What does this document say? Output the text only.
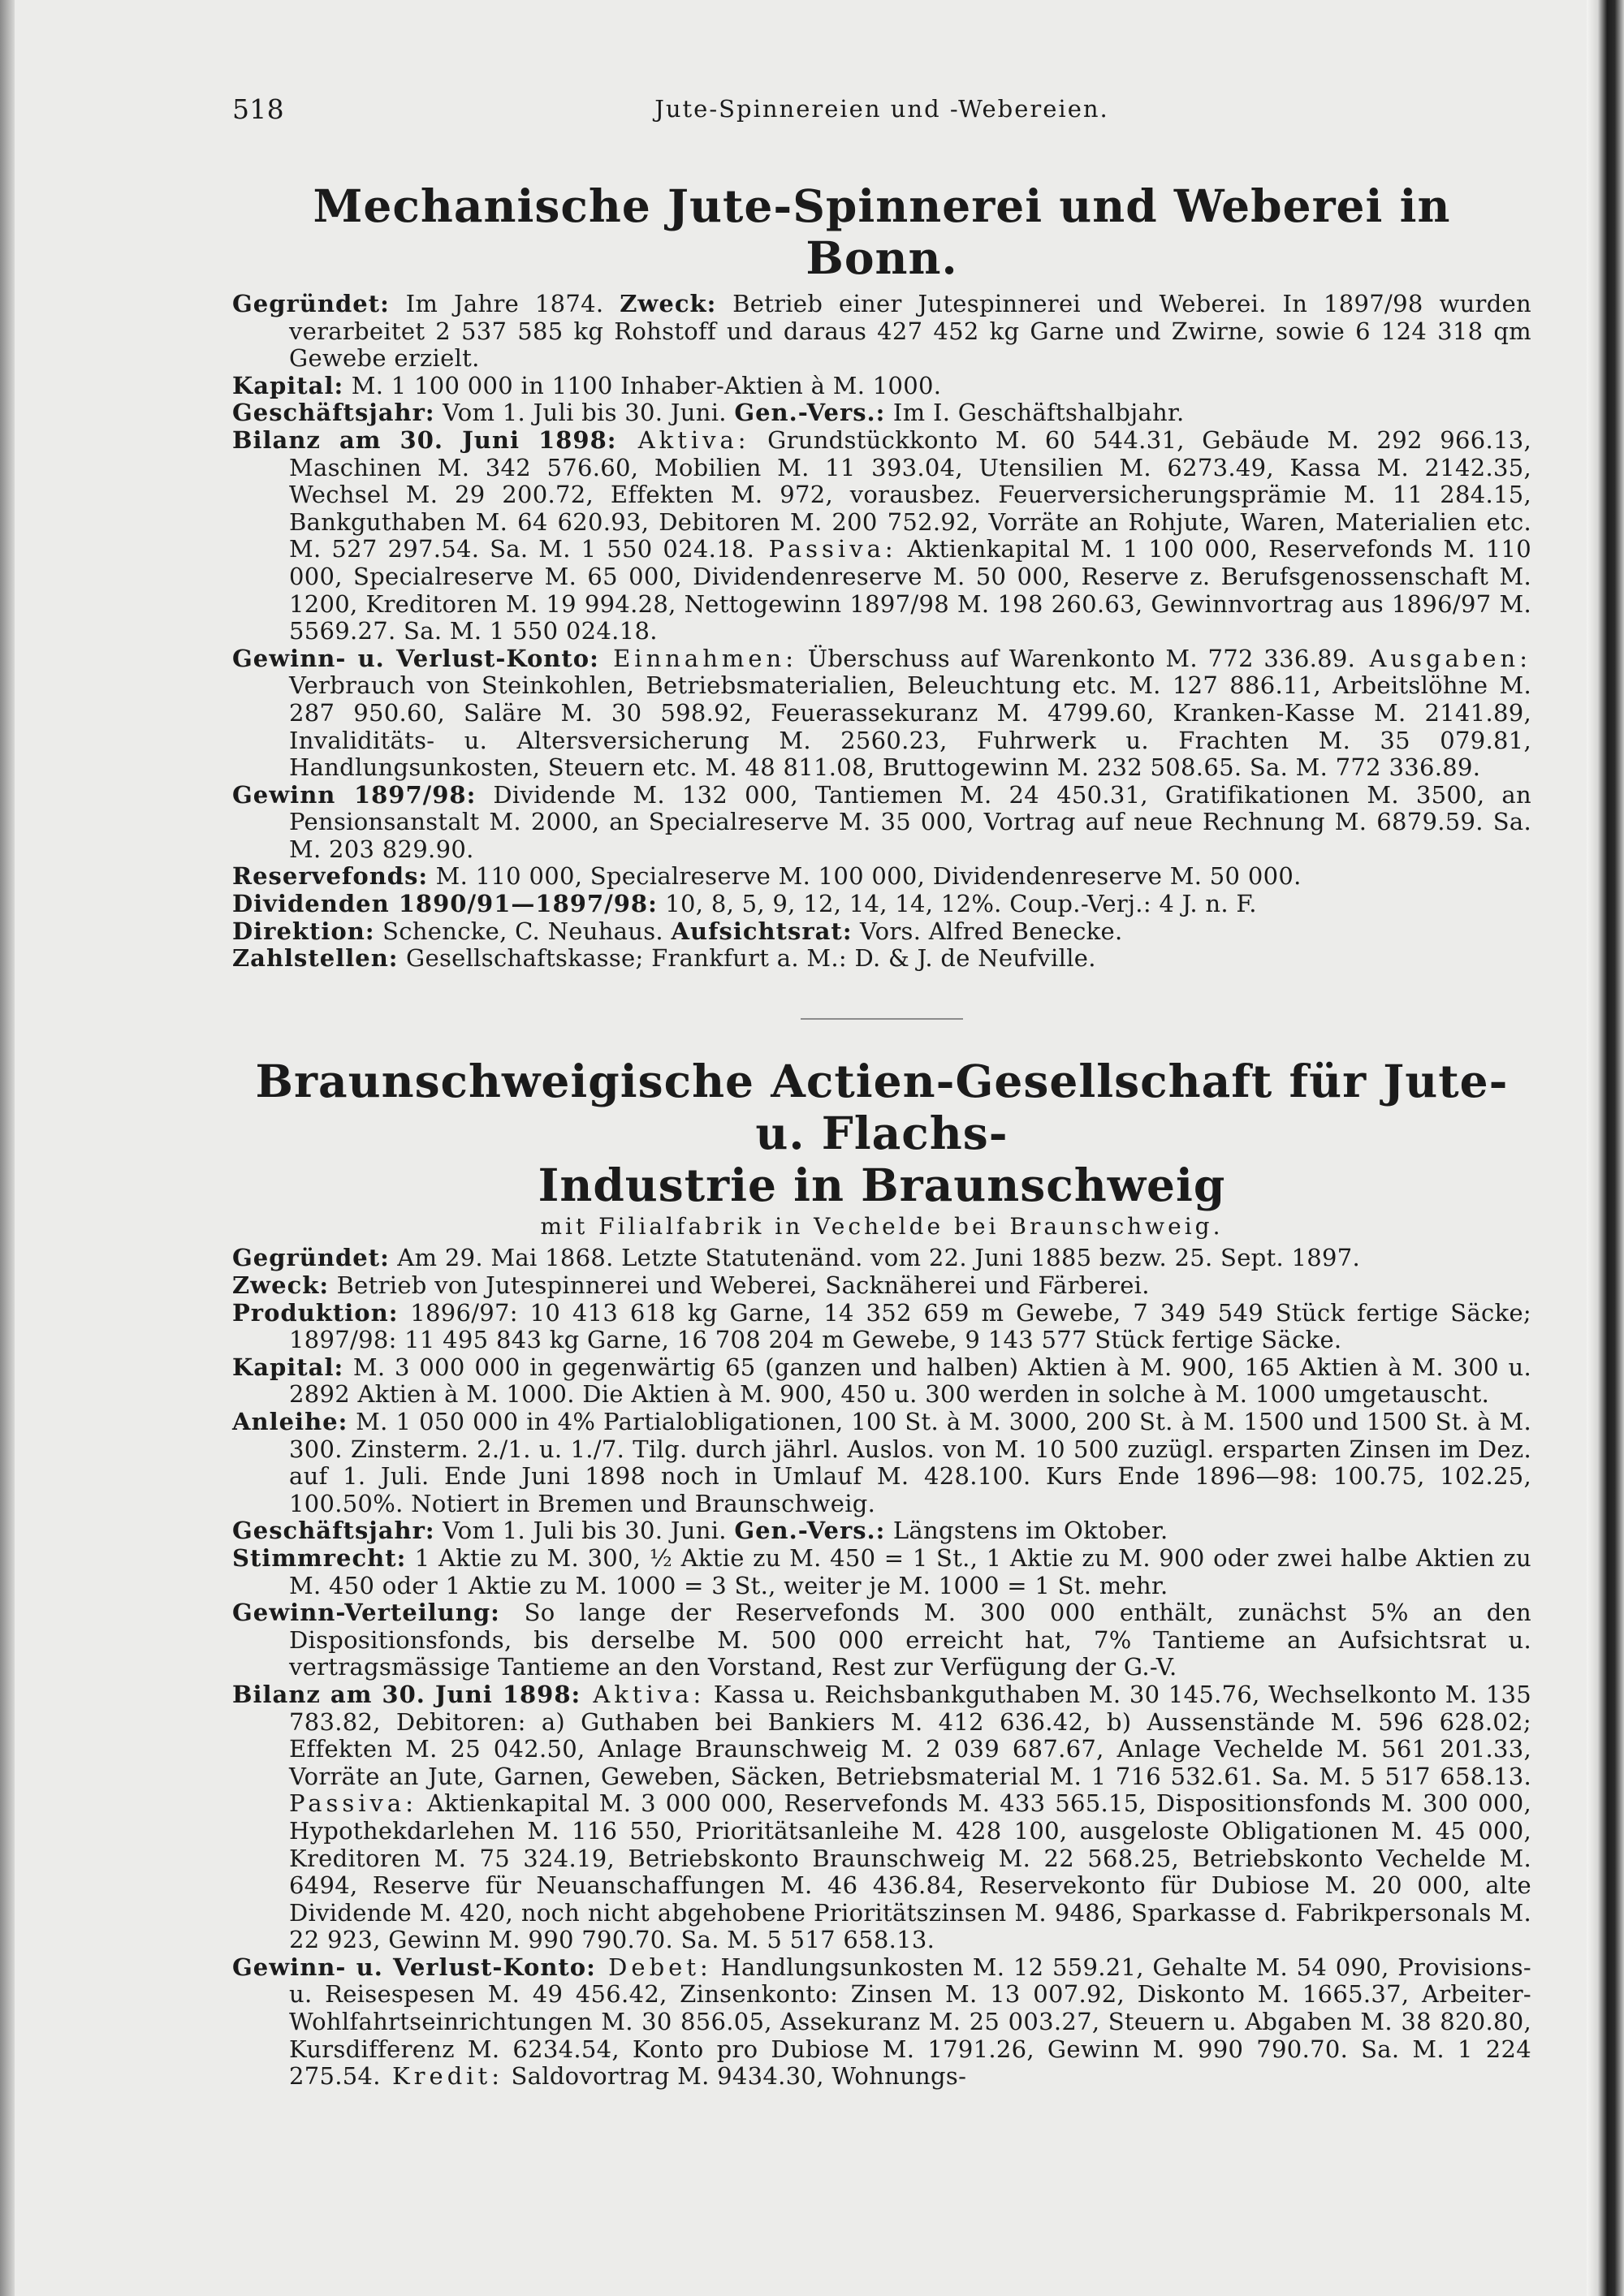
518	Jute-Spinnereien und -Webereien.
Mechanische Jute-Spinnerei und Weberei in Bonn.

Gegründet: Im Jahre 1874. Zweck: Betrieb einer Jutespinnerei und Weberei. In 1897/98 wurden verarbeitet 2 537 585 kg Rohstoff und daraus 427 452 kg Garne und Zwirne, sowie 6 124 318 qm Gewebe erzielt.

Kapital: M. 1 100 000 in 1100 Inhaber-Aktien à M. 1000.

Geschäftsjahr: Vom 1. Juli bis 30. Juni. Gen.-Vers.: Im I. Geschäftshalbjahr.

Bilanz am 30. Juni 1898: Aktiva: Grundstückkonto M. 60 544.31, Gebäude M. 292 966.13, Maschinen M. 342 576.60, Mobilien M. 11 393.04, Utensilien M. 6273.49, Kassa M. 2142.35, Wechsel M. 29 200.72, Effekten M. 972, vorausbez. Feuerversicherungsprämie M. 11 284.15, Bankguthaben M. 64 620.93, Debitoren M. 200 752.92, Vorräte an Rohjute, Waren, Materialien etc. M. 527 297.54. Sa. M. 1 550 024.18. Passiva: Aktienkapital M. 1 100 000, Reservefonds M. 110 000, Specialreserve M. 65 000, Dividendenreserve M. 50 000, Reserve z. Berufsgenossenschaft M. 1200, Kreditoren M. 19 994.28, Nettogewinn 1897/98 M. 198 260.63, Gewinnvortrag aus 1896/97 M. 5569.27. Sa. M. 1 550 024.18.

Gewinn- u. Verlust-Konto: Einnahmen: Überschuss auf Warenkonto M. 772 336.89. Ausgaben: Verbrauch von Steinkohlen, Betriebsmaterialien, Beleuchtung etc. M. 127 886.11, Arbeitslöhne M. 287 950.60, Saläre M. 30 598.92, Feuerassekuranz M. 4799.60, Kranken-Kasse M. 2141.89, Invaliditäts- u. Altersversicherung M. 2560.23, Fuhrwerk u. Frachten M. 35 079.81, Handlungsunkosten, Steuern etc. M. 48 811.08, Bruttogewinn M. 232 508.65. Sa. M. 772 336.89.

Gewinn 1897/98: Dividende M. 132 000, Tantiemen M. 24 450.31, Gratifikationen M. 3500, an Pensionsanstalt M. 2000, an Specialreserve M. 35 000, Vortrag auf neue Rechnung M. 6879.59. Sa. M. 203 829.90.

Reservefonds: M. 110 000, Specialreserve M. 100 000, Dividendenreserve M. 50 000.

Dividenden 1890/91—1897/98: 10, 8, 5, 9, 12, 14, 14, 12%. Coup.-Verj.: 4 J. n. F.

Direktion: Schencke, C. Neuhaus. Aufsichtsrat: Vors. Alfred Benecke.

Zahlstellen: Gesellschaftskasse; Frankfurt a. M.: D. & J. de Neufville.

Braunschweigische Actien-Gesellschaft für Jute- u. Flachs-
Industrie in Braunschweig
mit Filialfabrik in Vechelde bei Braunschweig.

Gegründet: Am 29. Mai 1868. Letzte Statutenänd. vom 22. Juni 1885 bezw. 25. Sept. 1897.

Zweck: Betrieb von Jutespinnerei und Weberei, Sacknäherei und Färberei.

Produktion: 1896/97: 10 413 618 kg Garne, 14 352 659 m Gewebe, 7 349 549 Stück fertige Säcke; 1897/98: 11 495 843 kg Garne, 16 708 204 m Gewebe, 9 143 577 Stück fertige Säcke.

Kapital: M. 3 000 000 in gegenwärtig 65 (ganzen und halben) Aktien à M. 900, 165 Aktien à M. 300 u. 2892 Aktien à M. 1000. Die Aktien à M. 900, 450 u. 300 werden in solche à M. 1000 umgetauscht.

Anleihe: M. 1 050 000 in 4% Partialobligationen, 100 St. à M. 3000, 200 St. à M. 1500 und 1500 St. à M. 300. Zinsterm. 2./1. u. 1./7. Tilg. durch jährl. Auslos. von M. 10 500 zuzügl. ersparten Zinsen im Dez. auf 1. Juli. Ende Juni 1898 noch in Umlauf M. 428.100. Kurs Ende 1896—98: 100.75, 102.25, 100.50%. Notiert in Bremen und Braunschweig.

Geschäftsjahr: Vom 1. Juli bis 30. Juni. Gen.-Vers.: Längstens im Oktober.

Stimmrecht: 1 Aktie zu M. 300, ½ Aktie zu M. 450 = 1 St., 1 Aktie zu M. 900 oder zwei halbe Aktien zu M. 450 oder 1 Aktie zu M. 1000 = 3 St., weiter je M. 1000 = 1 St. mehr.

Gewinn-Verteilung: So lange der Reservefonds M. 300 000 enthält, zunächst 5% an den Dispositionsfonds, bis derselbe M. 500 000 erreicht hat, 7% Tantieme an Aufsichtsrat u. vertragsmässige Tantieme an den Vorstand, Rest zur Verfügung der G.-V.

Bilanz am 30. Juni 1898: Aktiva: Kassa u. Reichsbankguthaben M. 30 145.76, Wechselkonto M. 135 783.82, Debitoren: a) Guthaben bei Bankiers M. 412 636.42, b) Aussenstände M. 596 628.02; Effekten M. 25 042.50, Anlage Braunschweig M. 2 039 687.67, Anlage Vechelde M. 561 201.33, Vorräte an Jute, Garnen, Geweben, Säcken, Betriebsmaterial M. 1 716 532.61. Sa. M. 5 517 658.13. Passiva: Aktienkapital M. 3 000 000, Reservefonds M. 433 565.15, Dispositionsfonds M. 300 000, Hypothekdarlehen M. 116 550, Prioritätsanleihe M. 428 100, ausgeloste Obligationen M. 45 000, Kreditoren M. 75 324.19, Betriebskonto Braunschweig M. 22 568.25, Betriebskonto Vechelde M. 6494, Reserve für Neuanschaffungen M. 46 436.84, Reservekonto für Dubiose M. 20 000, alte Dividende M. 420, noch nicht abgehobene Prioritätszinsen M. 9486, Sparkasse d. Fabrikpersonals M. 22 923, Gewinn M. 990 790.70. Sa. M. 5 517 658.13.

Gewinn- u. Verlust-Konto: Debet: Handlungsunkosten M. 12 559.21, Gehalte M. 54 090, Provisions- u. Reisespesen M. 49 456.42, Zinsenkonto: Zinsen M. 13 007.92, Diskonto M. 1665.37, Arbeiter-Wohlfahrtseinrichtungen M. 30 856.05, Assekuranz M. 25 003.27, Steuern u. Abgaben M. 38 820.80, Kursdifferenz M. 6234.54, Konto pro Dubiose M. 1791.26, Gewinn M. 990 790.70. Sa. M. 1 224 275.54. Kredit: Saldovortrag M. 9434.30, Wohnungs-
